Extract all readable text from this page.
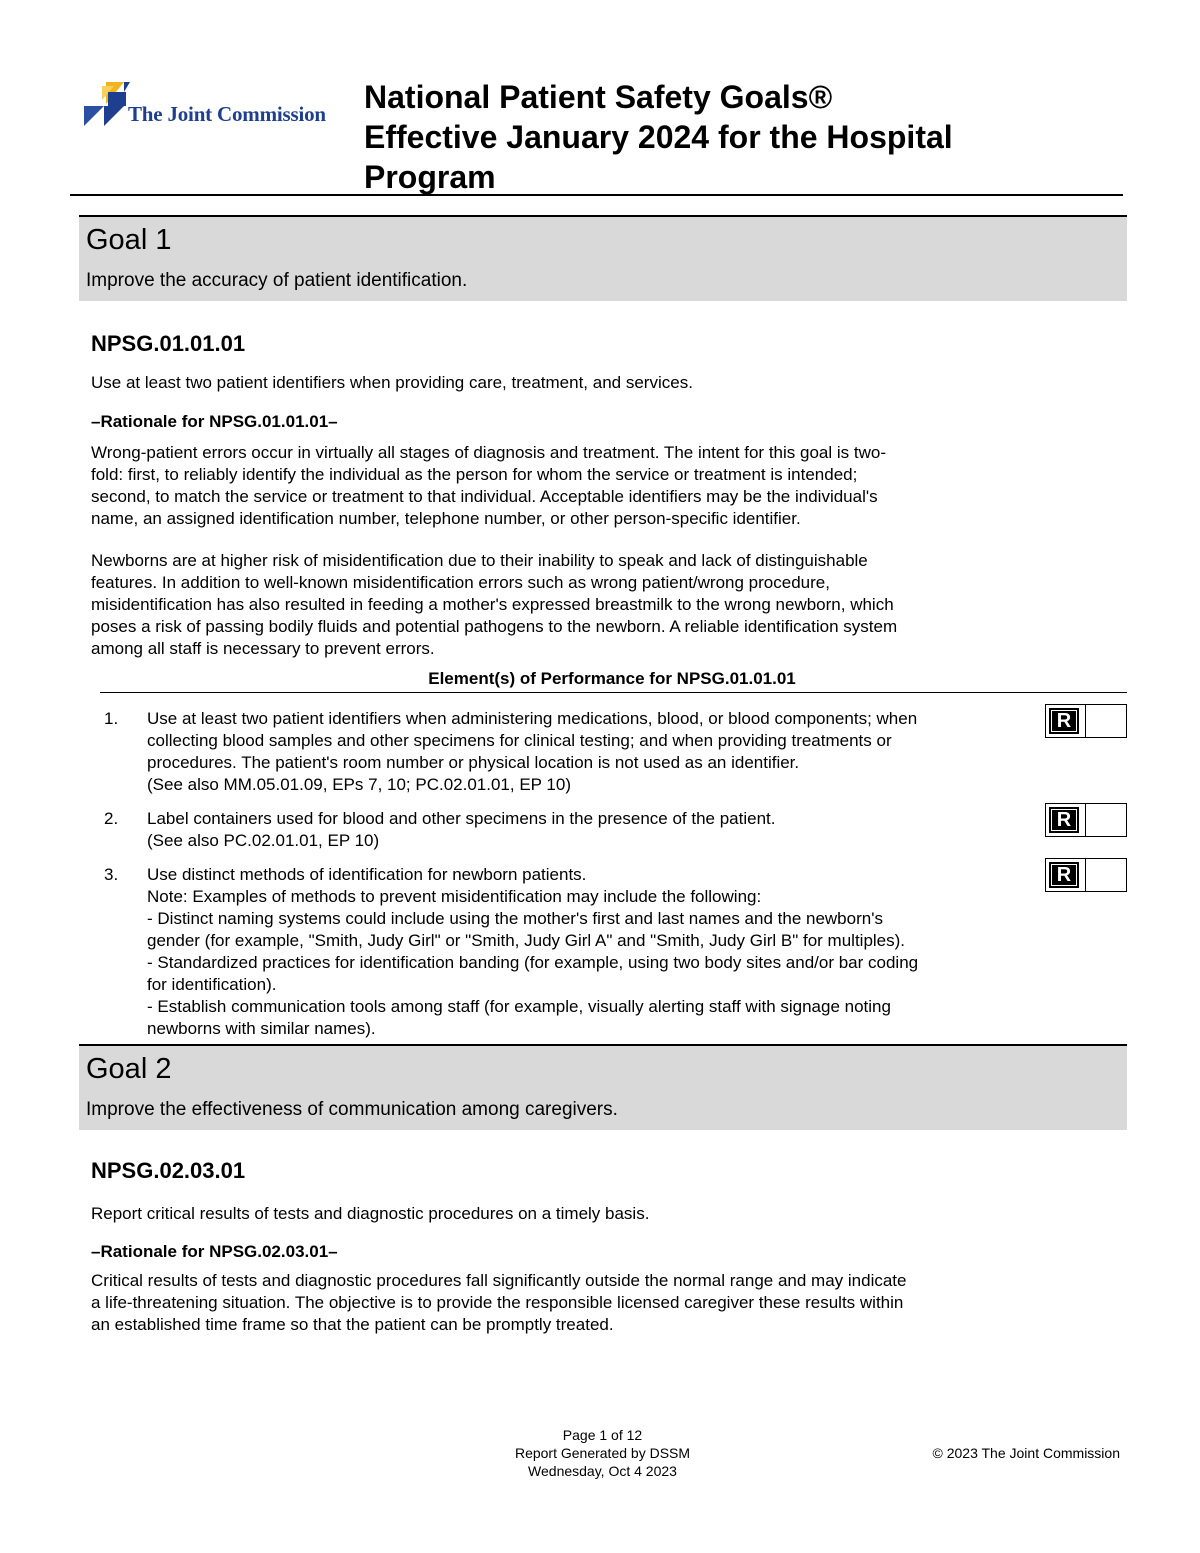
The Joint Commission National Patient Safety Goals®
Effective January 2024 for the Hospital
Program
Goal 1
Improve the accuracy of patient identification.
NPSG.01.01.01
Use at least two patient identifiers when providing care, treatment, and services.
–Rationale for NPSG.01.01.01–

Wrong-patient errors occur in virtually all stages of diagnosis and treatment. The intent for this goal is two-
fold: first, to reliably identify the individual as the person for whom the service or treatment is intended;
second, to match the service or treatment to that individual. Acceptable identifiers may be the individual's
name, an assigned identification number, telephone number, or other person-specific identifier.

Newborns are at higher risk of misidentification due to their inability to speak and lack of distinguishable
features. In addition to well-known misidentification errors such as wrong patient/wrong procedure,
misidentification has also resulted in feeding a mother's expressed breastmilk to the wrong newborn, which
poses a risk of passing bodily fluids and potential pathogens to the newborn. A reliable identification system
among all staff is necessary to prevent errors.

Element(s) of Performance for NPSG.01.01.01
1. Use at least two patient identifiers when administering medications, blood, or blood components; when
collecting blood samples and other specimens for clinical testing; and when providing treatments or
procedures. The patient's room number or physical location is not used as an identifier.
(See also MM.05.01.09, EPs 7, 10; PC.02.01.01, EP 10)

R
2. Label containers used for blood and other specimens in the presence of the patient.
(See also PC.02.01.01, EP 10)

R
3. Use distinct methods of identification for newborn patients.
Note: Examples of methods to prevent misidentification may include the following:
- Distinct naming systems could include using the mother's first and last names and the newborn's
gender (for example, "Smith, Judy Girl" or "Smith, Judy Girl A" and "Smith, Judy Girl B" for multiples).
- Standardized practices for identification banding (for example, using two body sites and/or bar coding
for identification).
- Establish communication tools among staff (for example, visually alerting staff with signage noting
newborns with similar names).

R
Goal 2
Improve the effectiveness of communication among caregivers.
NPSG.02.03.01
Report critical results of tests and diagnostic procedures on a timely basis.
–Rationale for NPSG.02.03.01–

Critical results of tests and diagnostic procedures fall significantly outside the normal range and may indicate
a life-threatening situation. The objective is to provide the responsible licensed caregiver these results within
an established time frame so that the patient can be promptly treated.

Page 1 of 12
Report Generated by DSSM
Wednesday, Oct 4 2023
© 2023 The Joint Commission
